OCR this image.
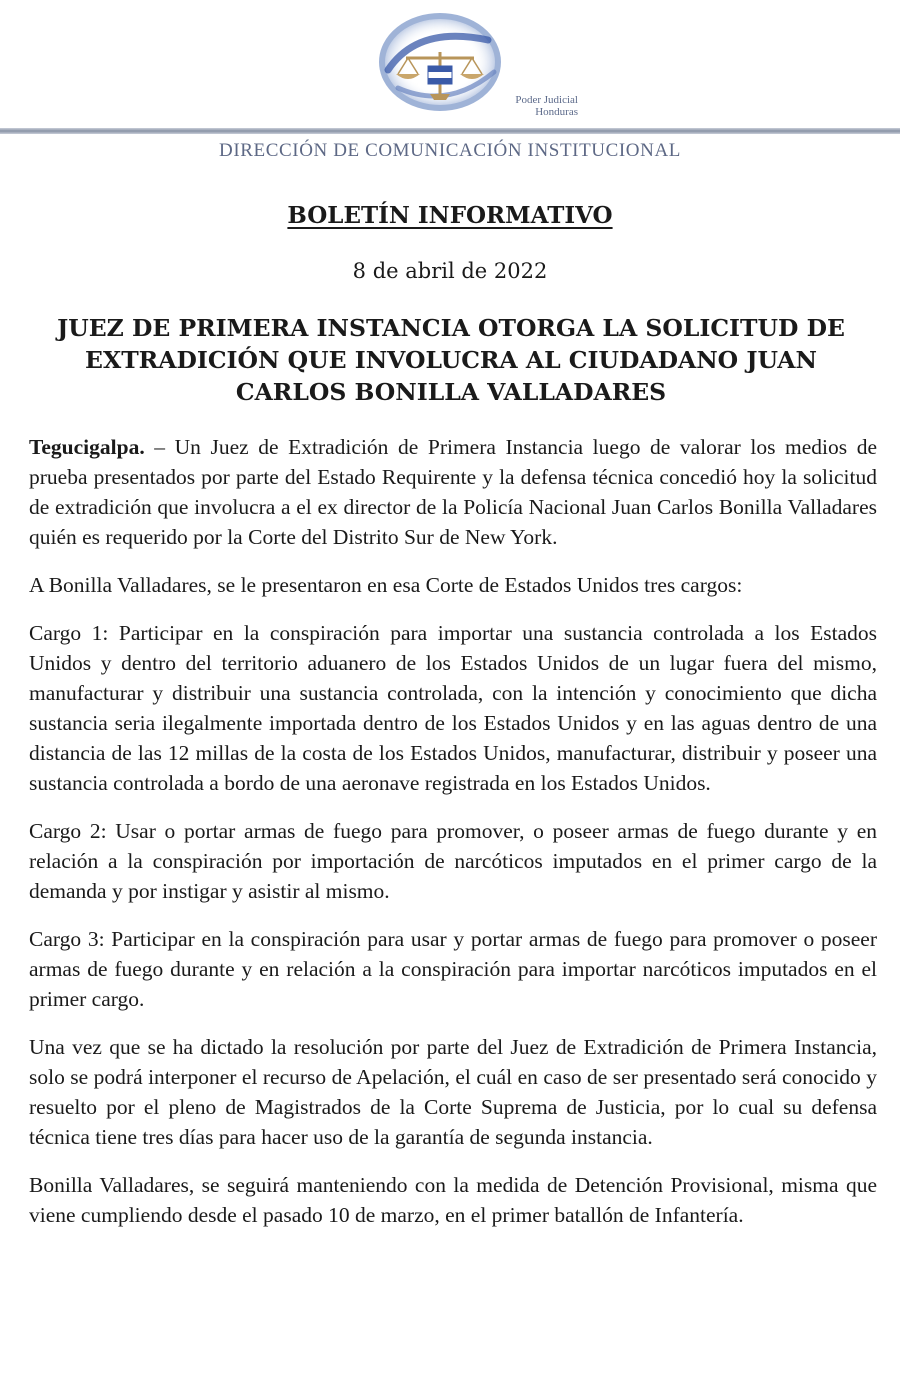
Poder Judicial
Honduras
DIRECCIÓN DE COMUNICACIÓN INSTITUCIONAL
BOLETÍN INFORMATIVO
8 de abril de 2022
JUEZ DE PRIMERA INSTANCIA OTORGA LA SOLICITUD DE
EXTRADICIÓN QUE INVOLUCRA AL CIUDADANO JUAN
CARLOS BONILLA VALLADARES

Tegucigalpa. – Un Juez de Extradición de Primera Instancia luego de valorar los medios de prueba presentados por parte del Estado Requirente y la defensa técnica concedió hoy la solicitud de extradición que involucra a el ex director de la Policía Nacional Juan Carlos Bonilla Valladares quién es requerido por la Corte del Distrito Sur de New York.

A Bonilla Valladares, se le presentaron en esa Corte de Estados Unidos tres cargos:

Cargo 1: Participar en la conspiración para importar una sustancia controlada a los Estados Unidos y dentro del territorio aduanero de los Estados Unidos de un lugar fuera del mismo, manufacturar y distribuir una sustancia controlada, con la intención y conocimiento que dicha sustancia seria ilegalmente importada dentro de los Estados Unidos y en las aguas dentro de una distancia de las 12 millas de la costa de los Estados Unidos, manufacturar, distribuir y poseer una sustancia controlada a bordo de una aeronave registrada en los Estados Unidos.

Cargo 2: Usar o portar armas de fuego para promover, o poseer armas de fuego durante y en relación a la conspiración por importación de narcóticos imputados en el primer cargo de la demanda y por instigar y asistir al mismo.

Cargo 3: Participar en la conspiración para usar y portar armas de fuego para promover o poseer armas de fuego durante y en relación a la conspiración para importar narcóticos imputados en el primer cargo.

Una vez que se ha dictado la resolución por parte del Juez de Extradición de Primera Instancia, solo se podrá interponer el recurso de Apelación, el cuál en caso de ser presentado será conocido y resuelto por el pleno de Magistrados de la Corte Suprema de Justicia, por lo cual su defensa técnica tiene tres días para hacer uso de la garantía de segunda instancia.

Bonilla Valladares, se seguirá manteniendo con la medida de Detención Provisional, misma que viene cumpliendo desde el pasado 10 de marzo, en el primer batallón de Infantería.
